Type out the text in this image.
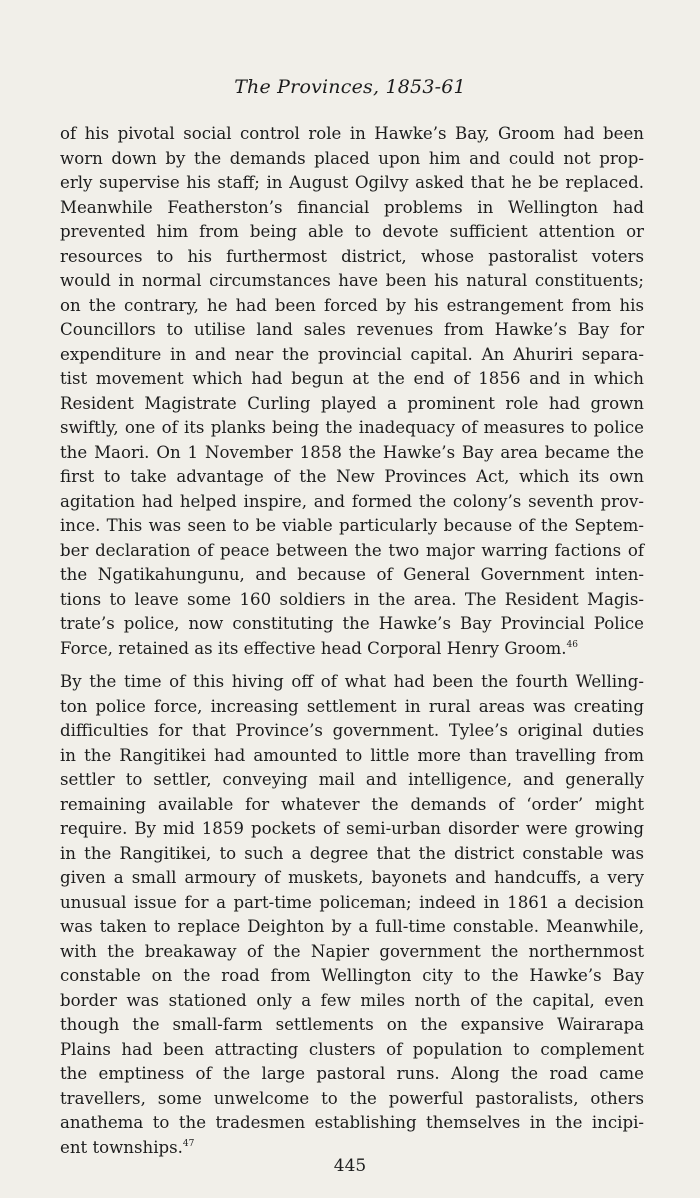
The Provinces, 1853-61
of his pivotal social control role in Hawke’s Bay, Groom had been
worn down by the demands placed upon him and could not prop-
erly supervise his staff; in August Ogilvy asked that he be replaced.
Meanwhile Featherston’s financial problems in Wellington had
prevented him from being able to devote sufficient attention or
resources to his furthermost district, whose pastoralist voters
would in normal circumstances have been his natural constituents;
on the contrary, he had been forced by his estrangement from his
Councillors to utilise land sales revenues from Hawke’s Bay for
expenditure in and near the provincial capital. An Ahuriri separa-
tist movement which had begun at the end of 1856 and in which
Resident Magistrate Curling played a prominent role had grown
swiftly, one of its planks being the inadequacy of measures to police
the Maori. On 1 November 1858 the Hawke’s Bay area became the
first to take advantage of the New Provinces Act, which its own
agitation had helped inspire, and formed the colony’s seventh prov-
ince. This was seen to be viable particularly because of the Septem-
ber declaration of peace between the two major warring factions of
the Ngatikahungunu, and because of General Government inten-
tions to leave some 160 soldiers in the area. The Resident Magis-
trate’s police, now constituting the Hawke’s Bay Provincial Police
Force, retained as its effective head Corporal Henry Groom.$^{46}$
By the time of this hiving off of what had been the fourth Welling-
ton police force, increasing settlement in rural areas was creating
difficulties for that Province’s government. Tylee’s original duties
in the Rangitikei had amounted to little more than travelling from
settler to settler, conveying mail and intelligence, and generally
remaining available for whatever the demands of ‘order’ might
require. By mid 1859 pockets of semi-urban disorder were growing
in the Rangitikei, to such a degree that the district constable was
given a small armoury of muskets, bayonets and handcuffs, a very
unusual issue for a part-time policeman; indeed in 1861 a decision
was taken to replace Deighton by a full-time constable. Meanwhile,
with the breakaway of the Napier government the northernmost
constable on the road from Wellington city to the Hawke’s Bay
border was stationed only a few miles north of the capital, even
though the small-farm settlements on the expansive Wairarapa
Plains had been attracting clusters of population to complement
the emptiness of the large pastoral runs. Along the road came
travellers, some unwelcome to the powerful pastoralists, others
anathema to the tradesmen establishing themselves in the incipi-
ent townships.$^{47}$
445
